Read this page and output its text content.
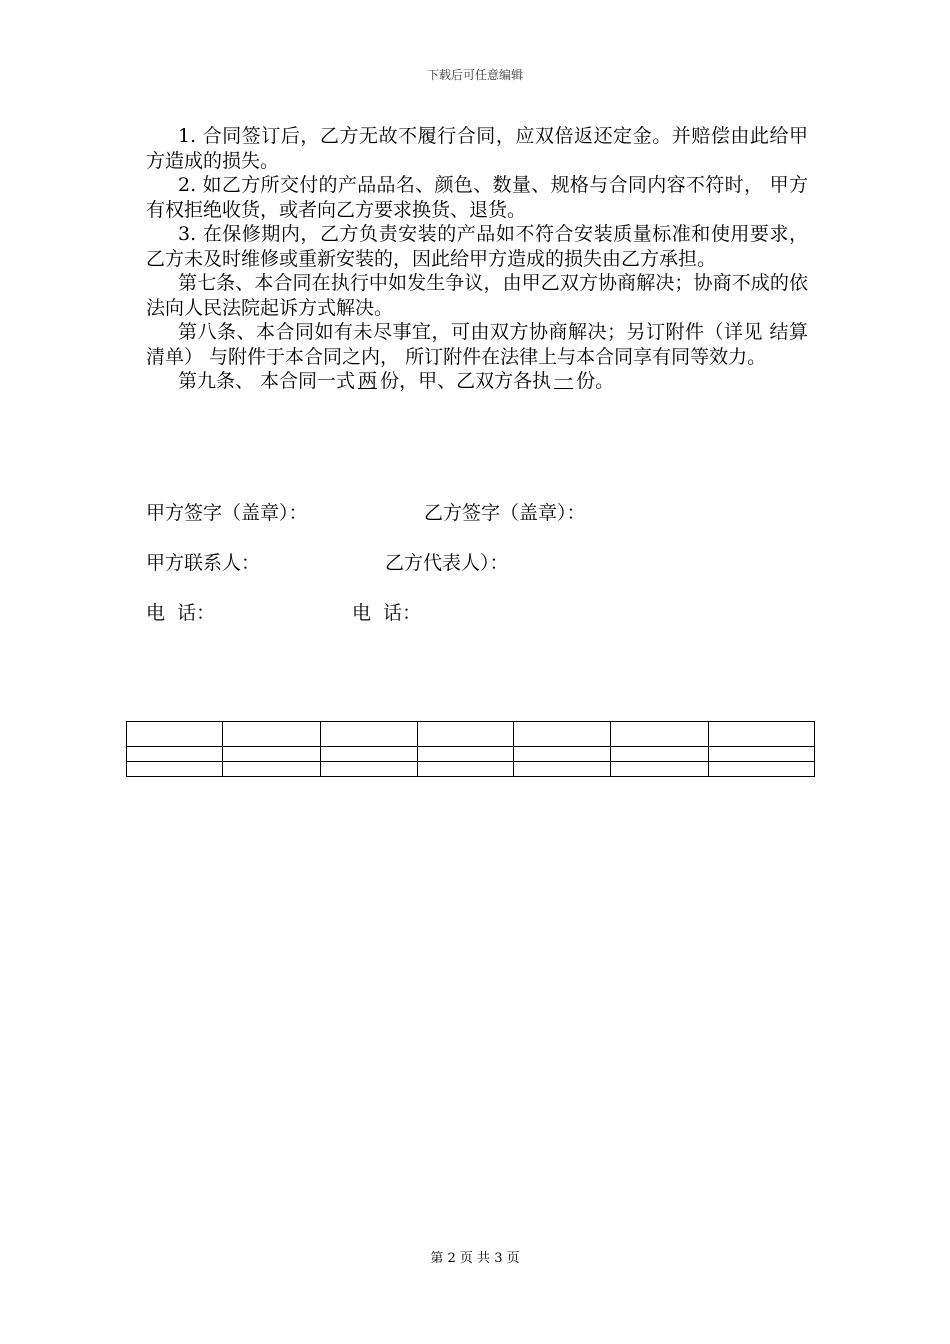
下载后可任意编辑

1. 合同签订后，乙方无故不履行合同，应双倍返还定金。并赔偿由此给甲方造成的损失。

2. 如乙方所交付的产品品名、颜色、数量、规格与合同内容不符时， 甲方有权拒绝收货，或者向乙方要求换货、退货。

3. 在保修期内，乙方负责安装的产品如不符合安装质量标准和使用要求，乙方未及时维修或重新安装的，因此给甲方造成的损失由乙方承担。

第七条、本合同在执行中如发生争议，由甲乙双方协商解决；协商不成的依法向人民法院起诉方式解决。

第八条、本合同如有未尽事宜，可由双方协商解决；另订附件（详见 结算清单） 与附件于本合同之内， 所订附件在法律上与本合同享有同等效力。

第九条、 本合同一式 两 份，甲、乙双方各执 一 份。

甲方签字（盖章）：	乙方签字（盖章）：
甲方联系人：	乙方代表人）：
电  话：	电  话：

第 2 页 共 3 页
